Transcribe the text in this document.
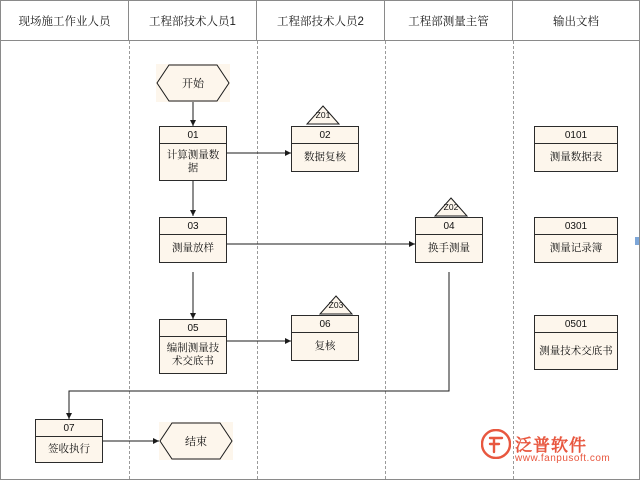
现场施工作业人员	工程部技术人员1	工程部技术人员2	工程部测量主管	输出文档
Z01
Z02
Z03
开始
结束
01
计算测量数据
02
数据复核
03
测量放样
04
换手测量
05
编制测量技术交底书
06
复核
07
签收执行
0101
测量数据表
0301
测量记录簿
0501
测量技术交底书
泛普软件
www.fanpusoft.com
